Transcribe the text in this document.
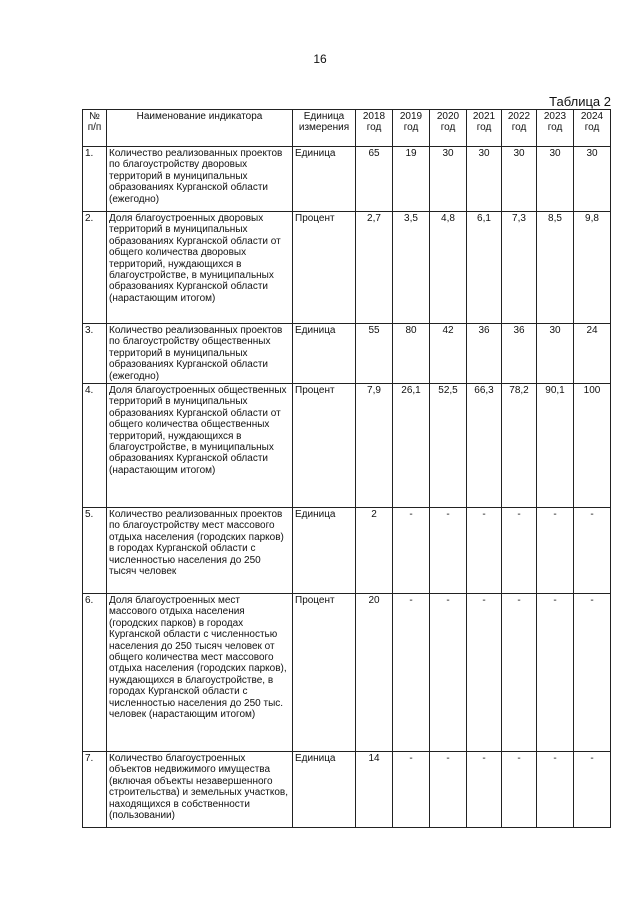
16
Таблица 2
№ п/п	Наименование индикатора	Единица измерения	2018 год	2019 год	2020 год	2021 год	2022 год	2023 год	2024 год
1.	Количество реализованных проектов по благоустройству дворовых территорий в муниципальных образованиях Курганской области (ежегодно)	Единица	65	19	30	30	30	30	30
2.	Доля благоустроенных дворовых территорий в муниципальных образованиях Курганской области от общего количества дворовых территорий, нуждающихся в благоустройстве, в муниципальных образованиях Курганской области (нарастающим итогом)	Процент	2,7	3,5	4,8	6,1	7,3	8,5	9,8
3.	Количество реализованных проектов по благоустройству общественных территорий в муниципальных образованиях Курганской области (ежегодно)	Единица	55	80	42	36	36	30	24
4.	Доля благоустроенных общественных территорий в муниципальных образованиях Курганской области от общего количества общественных территорий, нуждающихся в благоустройстве, в муниципальных образованиях Курганской области (нарастающим итогом)	Процент	7,9	26,1	52,5	66,3	78,2	90,1	100
5.	Количество реализованных проектов по благоустройству мест массового отдыха населения (городских парков) в городах Курганской области с численностью населения до 250 тысяч человек	Единица	2	-	-	-	-	-	-
6.	Доля благоустроенных мест массового отдыха населения (городских парков) в городах Курганской области с численностью населения до 250 тысяч человек от общего количества мест массового отдыха населения (городских парков), нуждающихся в благоустройстве, в городах Курганской области с численностью населения до 250 тыс. человек (нарастающим итогом)	Процент	20	-	-	-	-	-	-
7.	Количество благоустроенных объектов недвижимого имущества (включая объекты незавершенного строительства) и земельных участков, находящихся в собственности (пользовании)	Единица	14	-	-	-	-	-	-
